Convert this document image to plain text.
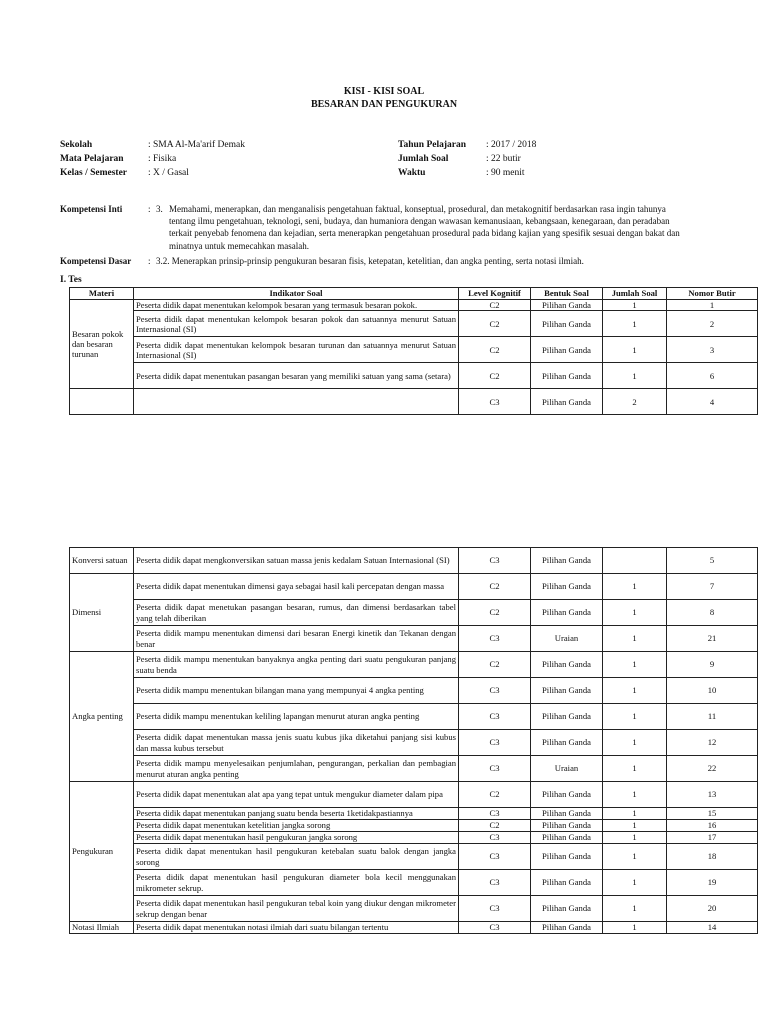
KISI - KISI SOAL
BESARAN DAN PENGUKURAN
Sekolah	: SMA Al-Ma'arif Demak
Mata Pelajaran	: Fisika
Kelas / Semester	: X / Gasal
Tahun Pelajaran	: 2017 / 2018
Jumlah Soal	: 22 butir
Waktu	: 90 menit
Kompetensi Inti	: 3. Memahami, menerapkan, dan menganalisis pengetahuan faktual, konseptual, prosedural, dan metakognitif berdasarkan rasa ingin tahunya
tentang ilmu pengetahuan, teknologi, seni, budaya, dan humaniora dengan wawasan kemanusiaan, kebangsaan, kenegaraan, dan peradaban
terkait penyebab fenomena dan kejadian, serta menerapkan pengetahuan prosedural pada bidang kajian yang spesifik sesuai dengan bakat dan
minatnya untuk memecahkan masalah.
Kompetensi Dasar	: 3.2. Menerapkan prinsip-prinsip pengukuran besaran fisis, ketepatan, ketelitian, dan angka penting, serta notasi ilmiah.
I. Tes
Materi	Indikator Soal	Level Kognitif	Bentuk Soal	Jumlah Soal	Nomor Butir
Besaran pokok dan besaran turunan	Peserta didik dapat menentukan kelompok besaran yang termasuk besaran pokok.	C2	Pilihan Ganda	1	1
	Peserta didik dapat menentukan kelompok besaran pokok dan satuannya menurut Satuan Internasional (SI)	C2	Pilihan Ganda	1	2
	Peserta didik dapat menentukan kelompok besaran turunan dan satuannya menurut Satuan Internasional (SI)	C2	Pilihan Ganda	1	3
	Peserta didik dapat menentukan pasangan besaran yang memiliki satuan yang sama (setara)	C2	Pilihan Ganda	1	6
		C3	Pilihan Ganda	2	4
Konversi satuan	Peserta didik dapat mengkonversikan satuan massa jenis kedalam Satuan Internasional (SI)	C3	Pilihan Ganda		5
Dimensi	Peserta didik dapat menentukan dimensi gaya sebagai hasil kali percepatan dengan massa	C2	Pilihan Ganda	1	7
	Peserta didik dapat menetukan pasangan besaran, rumus, dan dimensi berdasarkan tabel yang telah diberikan	C2	Pilihan Ganda	1	8
	Peserta didik mampu menentukan dimensi dari besaran Energi kinetik dan Tekanan dengan benar	C3	Uraian	1	21
Angka penting	Peserta didik mampu menentukan banyaknya angka penting dari suatu pengukuran panjang suatu benda	C2	Pilihan Ganda	1	9
	Peserta didik mampu menentukan bilangan mana yang mempunyai 4 angka penting	C3	Pilihan Ganda	1	10
	Peserta didik mampu menentukan keliling lapangan menurut aturan angka penting	C3	Pilihan Ganda	1	11
	Peserta didik dapat menentukan massa jenis suatu kubus jika diketahui panjang sisi kubus dan massa kubus tersebut	C3	Pilihan Ganda	1	12
	Peserta didik mampu menyelesaikan penjumlahan, pengurangan, perkalian dan pembagian menurut aturan angka penting	C3	Uraian	1	22
Pengukuran	Peserta didik dapat menentukan alat apa yang tepat untuk mengukur diameter dalam pipa	C2	Pilihan Ganda	1	13
	Peserta didik dapat menentukan panjang suatu benda beserta 1ketidakpastiannya	C3	Pilihan Ganda	1	15
	Peserta didik dapat menentukan ketelitian jangka sorong	C2	Pilihan Ganda	1	16
	Peserta didik dapat menentukan hasil pengukuran jangka sorong	C3	Pilihan Ganda	1	17
	Peserta didik dapat menentukan hasil pengukuran ketebalan suatu balok dengan jangka sorong	C3	Pilihan Ganda	1	18
	Peserta didik dapat menentukan hasil pengukuran diameter bola kecil menggunakan mikrometer sekrup.	C3	Pilihan Ganda	1	19
	Peserta didik dapat menentukan hasil pengukuran tebal koin yang diukur dengan mikrometer sekrup dengan benar	C3	Pilihan Ganda	1	20
Notasi Ilmiah	Peserta didik dapat menentukan notasi ilmiah dari suatu bilangan tertentu	C3	Pilihan Ganda	1	14
